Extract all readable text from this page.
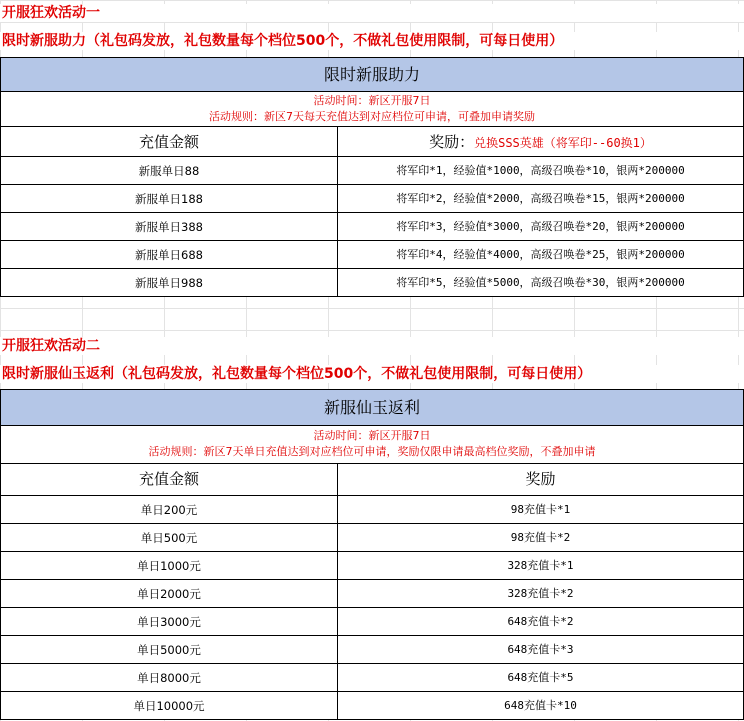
开服狂欢活动一
限时新服助力（礼包码发放，礼包数量每个档位500个，不做礼包使用限制，可每日使用）
限时新服助力
活动时间：新区开服7日
活动规则：新区7天每天充值达到对应档位可申请，可叠加申请奖励
充值金额	奖励：兑换SSS英雄（将军印--60换1）
新服单日88	将军印*1，经验值*1000，高级召唤卷*10，银两*200000
新服单日188	将军印*2，经验值*2000，高级召唤卷*15，银两*200000
新服单日388	将军印*3，经验值*3000，高级召唤卷*20，银两*200000
新服单日688	将军印*4，经验值*4000，高级召唤卷*25，银两*200000
新服单日988	将军印*5，经验值*5000，高级召唤卷*30，银两*200000
开服狂欢活动二
限时新服仙玉返利（礼包码发放，礼包数量每个档位500个，不做礼包使用限制，可每日使用）
新服仙玉返利
活动时间：新区开服7日
活动规则：新区7天单日充值达到对应档位可申请，奖励仅限申请最高档位奖励，不叠加申请
充值金额	奖励
单日200元	98充值卡*1
单日500元	98充值卡*2
单日1000元	328充值卡*1
单日2000元	328充值卡*2
单日3000元	648充值卡*2
单日5000元	648充值卡*3
单日8000元	648充值卡*5
单日10000元	648充值卡*10
